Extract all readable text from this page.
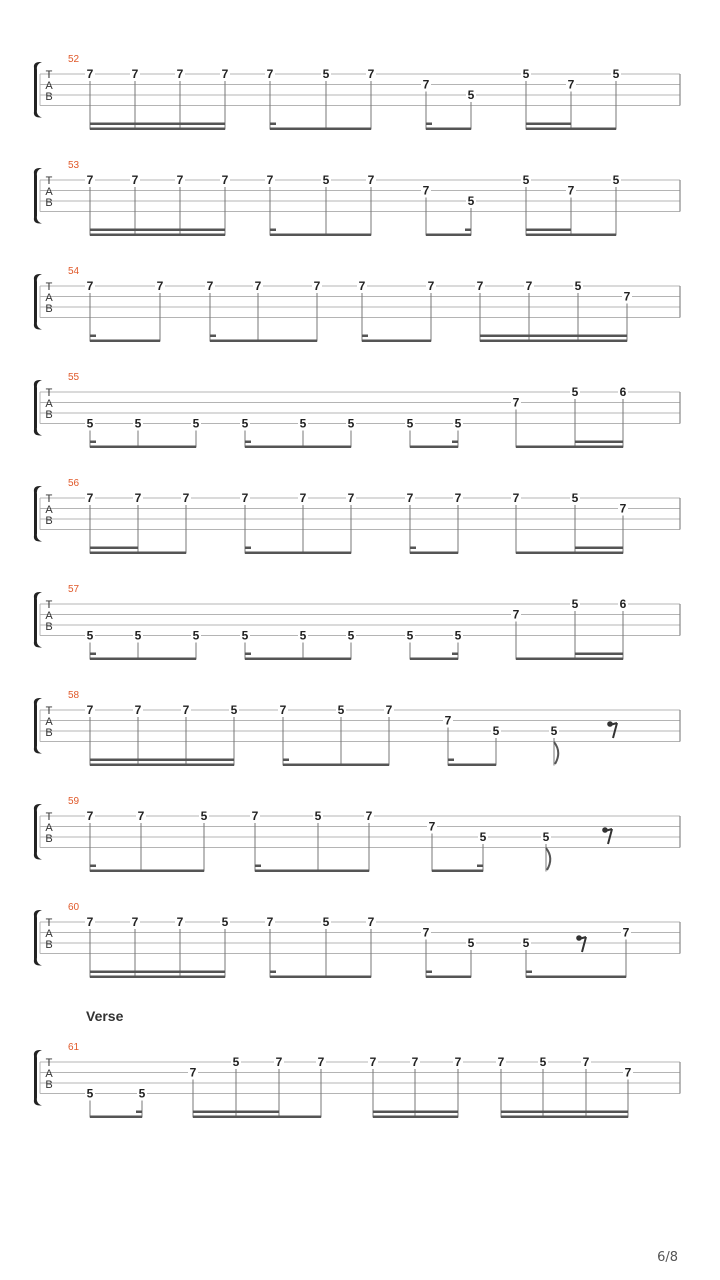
T
A
B
52
7	7	7	7	7	5	7
7
5
5
7
5
T
A
B
53
7	7	7	7	7	5	7
7
5
5
7
5
T
A
B
54
7	7	7	7	7	7	7	7	7	5
7
T
A
B
55
5	5	5	5	5	5	5	5
7
5	6
T
A
B
56
7	7	7	7	7	7	7	7	7	5
7
T
A
B
57
5	5	5	5	5	5	5	5
7
5	6
T
A
B
58
7	7	7	5	7	5	7
7
5	5
T
A
B
59
7	7	5	7	5	7
7
5	5
T
A
B
60
7	7	7	5	7	5	7
7
5	5
7
T
A
B
61
5	5
7
5	7	7	7	7	7	7	5	7
7
Verse
6/8
